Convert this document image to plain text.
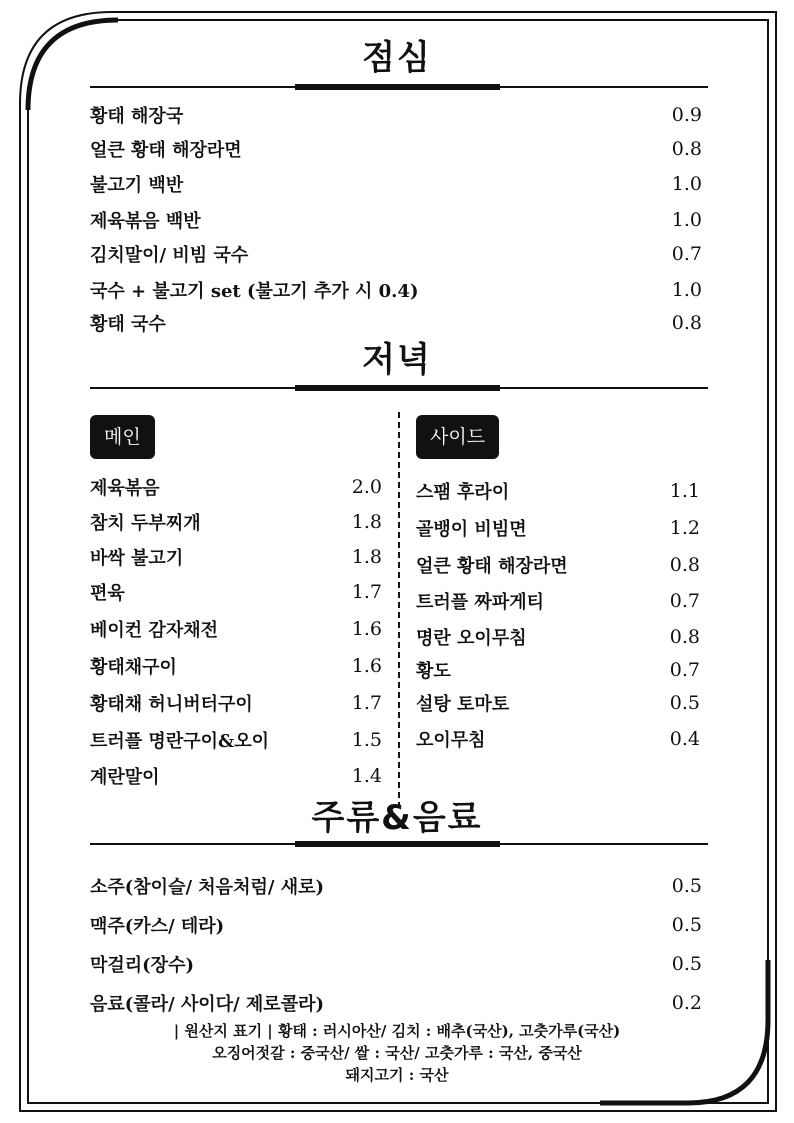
점심
황태 해장국	0.9
얼큰 황태 해장라면	0.8
불고기 백반	1.0
제육볶음 백반	1.0
김치말이/ 비빔 국수	0.7
국수 + 불고기 set (불고기 추가 시 0.4)	1.0
황태 국수	0.8
저녁
메인	사이드
제육볶음	2.0
참치 두부찌개	1.8
바싹 불고기	1.8
편육	1.7
베이컨 감자채전	1.6
황태채구이	1.6
황태채 허니버터구이	1.7
트러플 명란구이&오이	1.5
계란말이	1.4
스팸 후라이	1.1
골뱅이 비빔면	1.2
얼큰 황태 해장라면	0.8
트러플 짜파게티	0.7
명란 오이무침	0.8
황도	0.7
설탕 토마토	0.5
오이무침	0.4
주류&음료
소주(참이슬/ 처음처럼/ 새로)	0.5
맥주(카스/ 테라)	0.5
막걸리(장수)	0.5
음료(콜라/ 사이다/ 제로콜라)	0.2
| 원산지 표기 | 황태 : 러시아산/ 김치 : 배추(국산), 고춧가루(국산)
오징어젓갈 : 중국산/ 쌀 : 국산/ 고춧가루 : 국산, 중국산
돼지고기 : 국산
